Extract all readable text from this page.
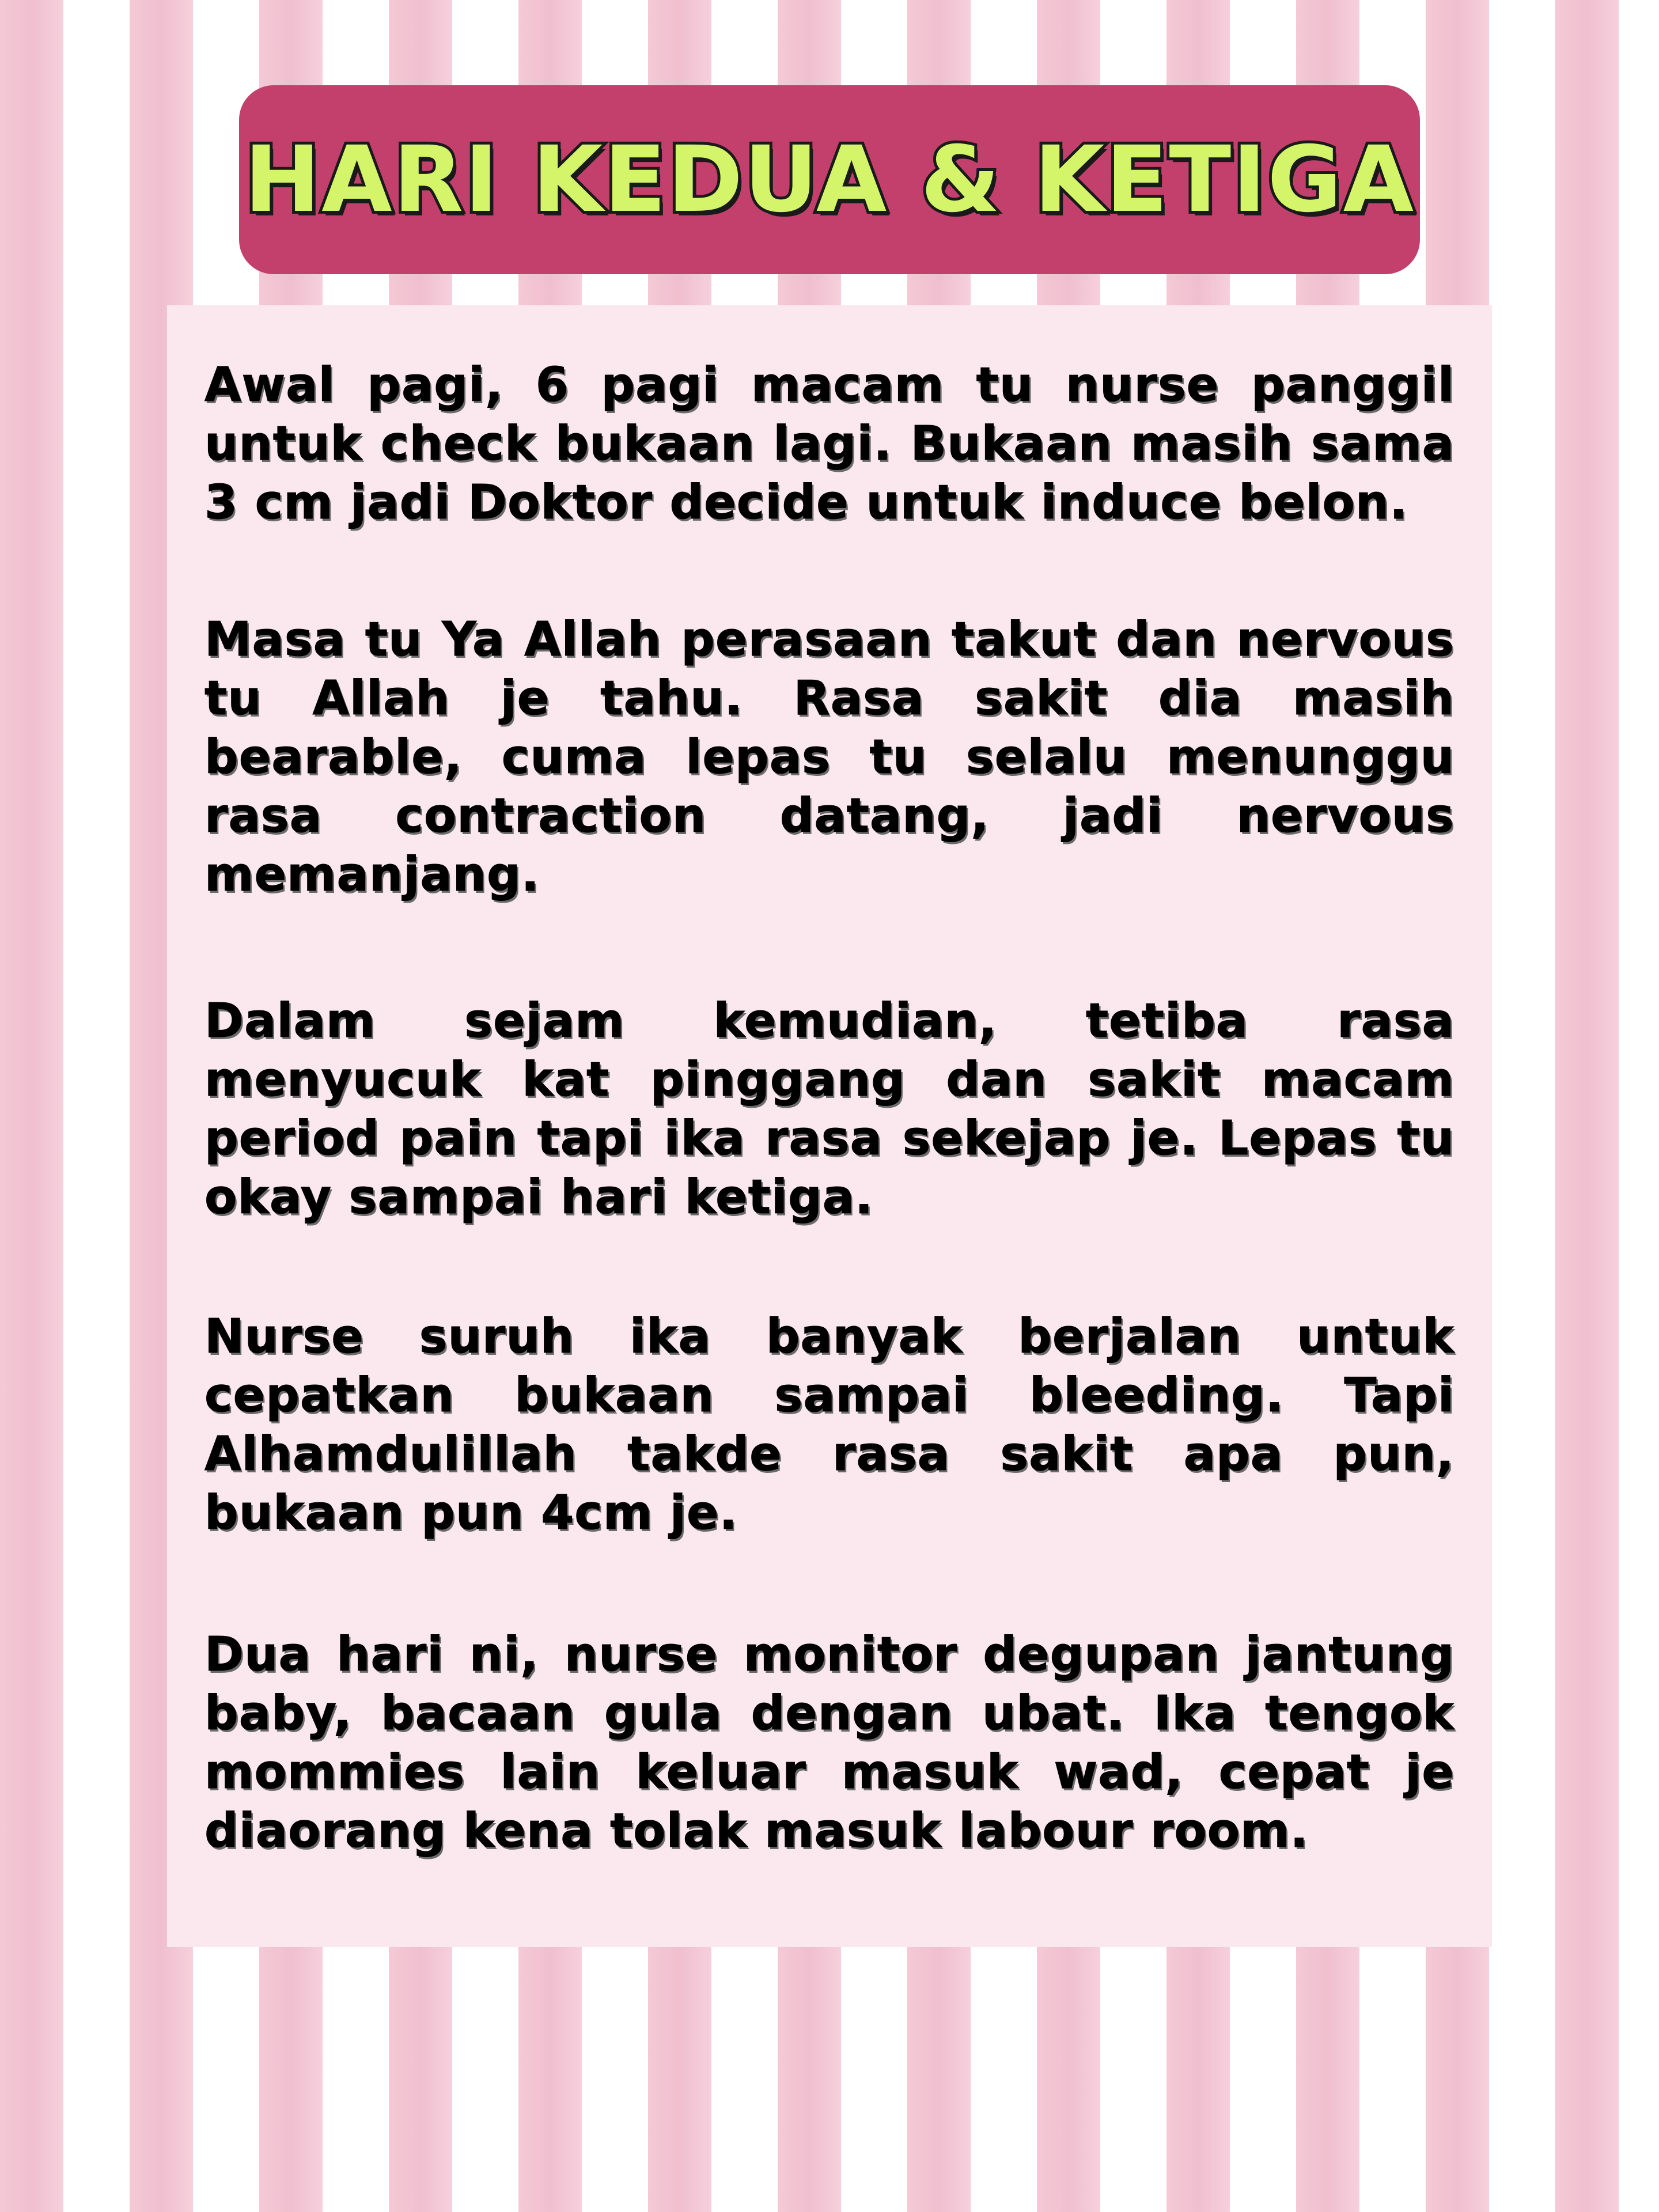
HARI KEDUA & KETIGA

Awal pagi, 6 pagi macam tu nurse panggil untuk check bukaan lagi. Bukaan masih sama 3 cm jadi Doktor decide untuk induce belon.

Masa tu Ya Allah perasaan takut dan nervous tu Allah je tahu. Rasa sakit dia masih bearable, cuma lepas tu selalu menunggu rasa contraction datang, jadi nervous memanjang.

Dalam sejam kemudian, tetiba rasa menyucuk kat pinggang dan sakit macam period pain tapi ika rasa sekejap je. Lepas tu okay sampai hari ketiga.

Nurse suruh ika banyak berjalan untuk cepatkan bukaan sampai bleeding. Tapi Alhamdulillah takde rasa sakit apa pun, bukaan pun 4cm je.

Dua hari ni, nurse monitor degupan jantung baby, bacaan gula dengan ubat. Ika tengok mommies lain keluar masuk wad, cepat je diaorang kena tolak masuk labour room.
